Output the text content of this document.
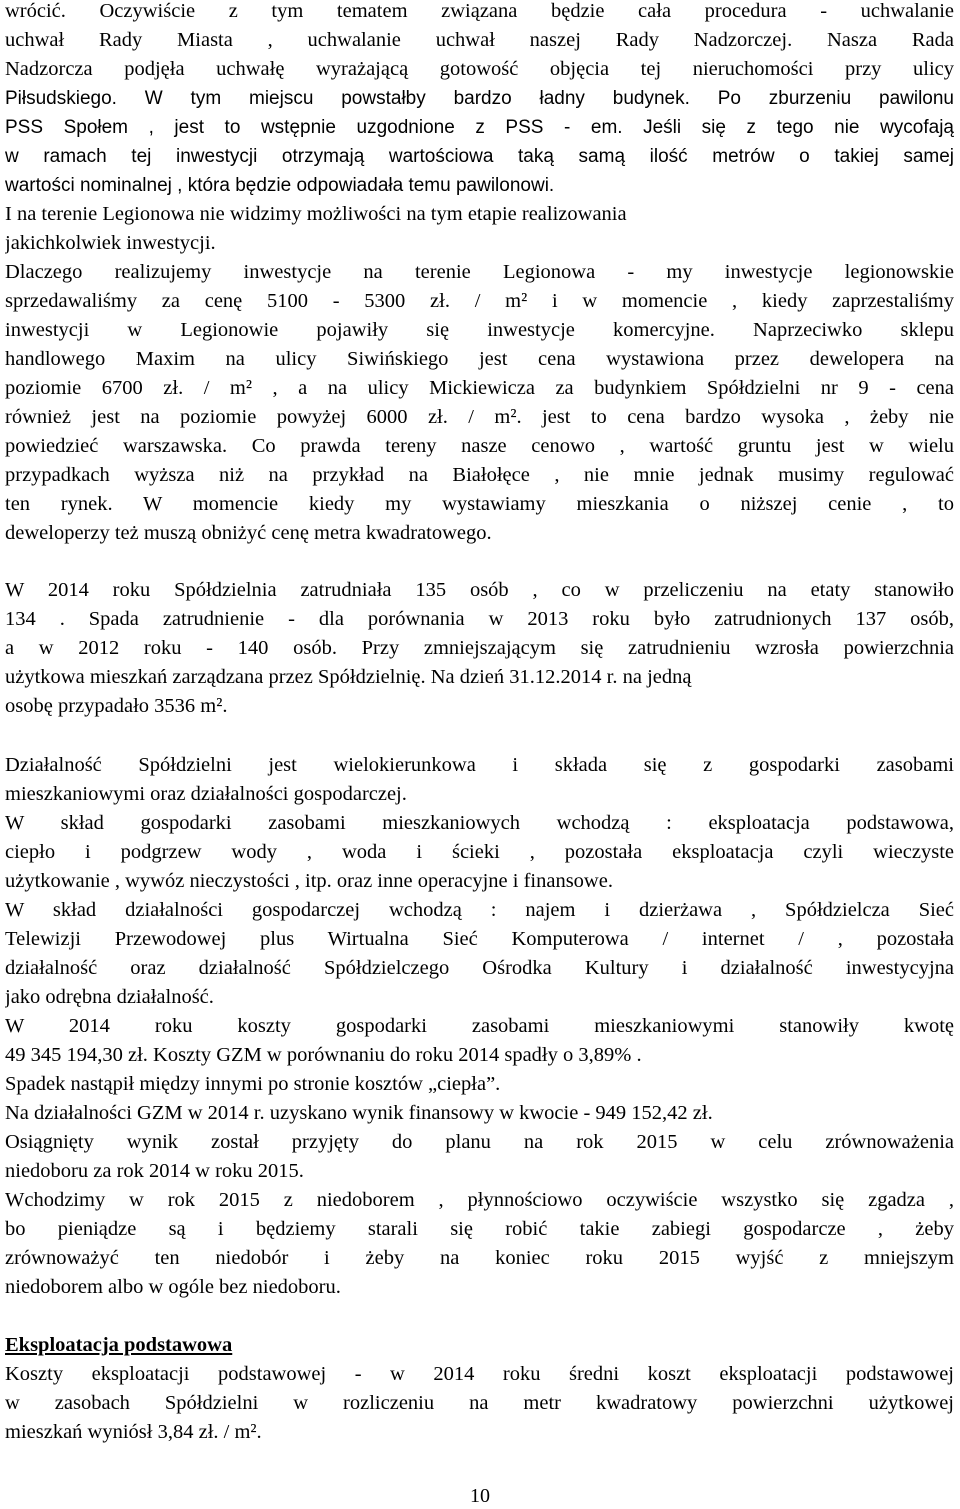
wrócić. Oczywiście z tym tematem związana będzie cała procedura - uchwalanie
uchwał Rady Miasta , uchwalanie uchwał naszej Rady Nadzorczej. Nasza Rada
Nadzorcza podjęła uchwałę wyrażającą gotowość objęcia tej nieruchomości przy ulicy
Piłsudskiego. W tym miejscu powstałby bardzo ładny budynek. Po zburzeniu pawilonu
PSS Społem , jest to wstępnie uzgodnione z PSS - em. Jeśli się z tego nie wycofają
w ramach tej inwestycji otrzymają wartościowa taką samą ilość metrów o takiej samej
wartości nominalnej , która będzie odpowiadała temu pawilonowi.
I na terenie Legionowa nie widzimy możliwości na tym etapie realizowania
jakichkolwiek inwestycji.
Dlaczego realizujemy inwestycje na terenie Legionowa - my inwestycje legionowskie
sprzedawaliśmy za cenę 5100 - 5300 zł. / m² i w momencie , kiedy zaprzestaliśmy
inwestycji w Legionowie pojawiły się inwestycje komercyjne. Naprzeciwko sklepu
handlowego Maxim na ulicy Siwińskiego jest cena wystawiona przez dewelopera na
poziomie 6700 zł. / m² , a na ulicy Mickiewicza za budynkiem Spółdzielni nr 9 - cena
również jest na poziomie powyżej 6000 zł. / m². jest to cena bardzo wysoka , żeby nie
powiedzieć warszawska. Co prawda tereny nasze cenowo , wartość gruntu jest w wielu
przypadkach wyższa niż na przykład na Białołęce , nie mnie jednak musimy regulować
ten rynek. W momencie kiedy my wystawiamy mieszkania o niższej cenie , to
deweloperzy też muszą obniżyć cenę metra kwadratowego.
W 2014 roku Spółdzielnia zatrudniała 135 osób , co w przeliczeniu na etaty stanowiło
134 . Spada zatrudnienie - dla porównania w 2013 roku było zatrudnionych 137 osób,
a w 2012 roku - 140 osób. Przy zmniejszającym się zatrudnieniu wzrosła powierzchnia
użytkowa mieszkań zarządzana przez Spółdzielnię. Na dzień 31.12.2014 r. na jedną
osobę przypadało 3536 m².
Działalność Spółdzielni jest wielokierunkowa i składa się z gospodarki zasobami
mieszkaniowymi oraz działalności gospodarczej.
W skład gospodarki zasobami mieszkaniowych wchodzą : eksploatacja podstawowa,
ciepło i podgrzew wody , woda i ścieki , pozostała eksploatacja czyli wieczyste
użytkowanie , wywóz nieczystości , itp. oraz inne operacyjne i finansowe.
W skład działalności gospodarczej wchodzą : najem i dzierżawa , Spółdzielcza Sieć
Telewizji Przewodowej plus Wirtualna Sieć Komputerowa / internet / , pozostała
działalność oraz działalność Spółdzielczego Ośrodka Kultury i działalność inwestycyjna
jako odrębna działalność.
W 2014 roku koszty gospodarki zasobami mieszkaniowymi stanowiły kwotę
49 345 194,30 zł. Koszty GZM w porównaniu do roku 2014 spadły o 3,89% .
Spadek nastąpił między innymi po stronie kosztów „ciepła”.
Na działalności GZM w 2014 r. uzyskano wynik finansowy w kwocie - 949 152,42 zł.
Osiągnięty wynik został przyjęty do planu na rok 2015 w celu zrównoważenia
niedoboru za rok 2014 w roku 2015.
Wchodzimy w rok 2015 z niedoborem , płynnościowo oczywiście wszystko się zgadza ,
bo pieniądze są i będziemy starali się robić takie zabiegi gospodarcze , żeby
zrównoważyć ten niedobór i żeby na koniec roku 2015 wyjść z mniejszym
niedoborem albo w ogóle bez niedoboru.
Eksploatacja podstawowa
Koszty eksploatacji podstawowej - w 2014 roku średni koszt eksploatacji podstawowej
w zasobach Spółdzielni w rozliczeniu na metr kwadratowy powierzchni użytkowej
mieszkań wyniósł 3,84 zł. / m².
10
